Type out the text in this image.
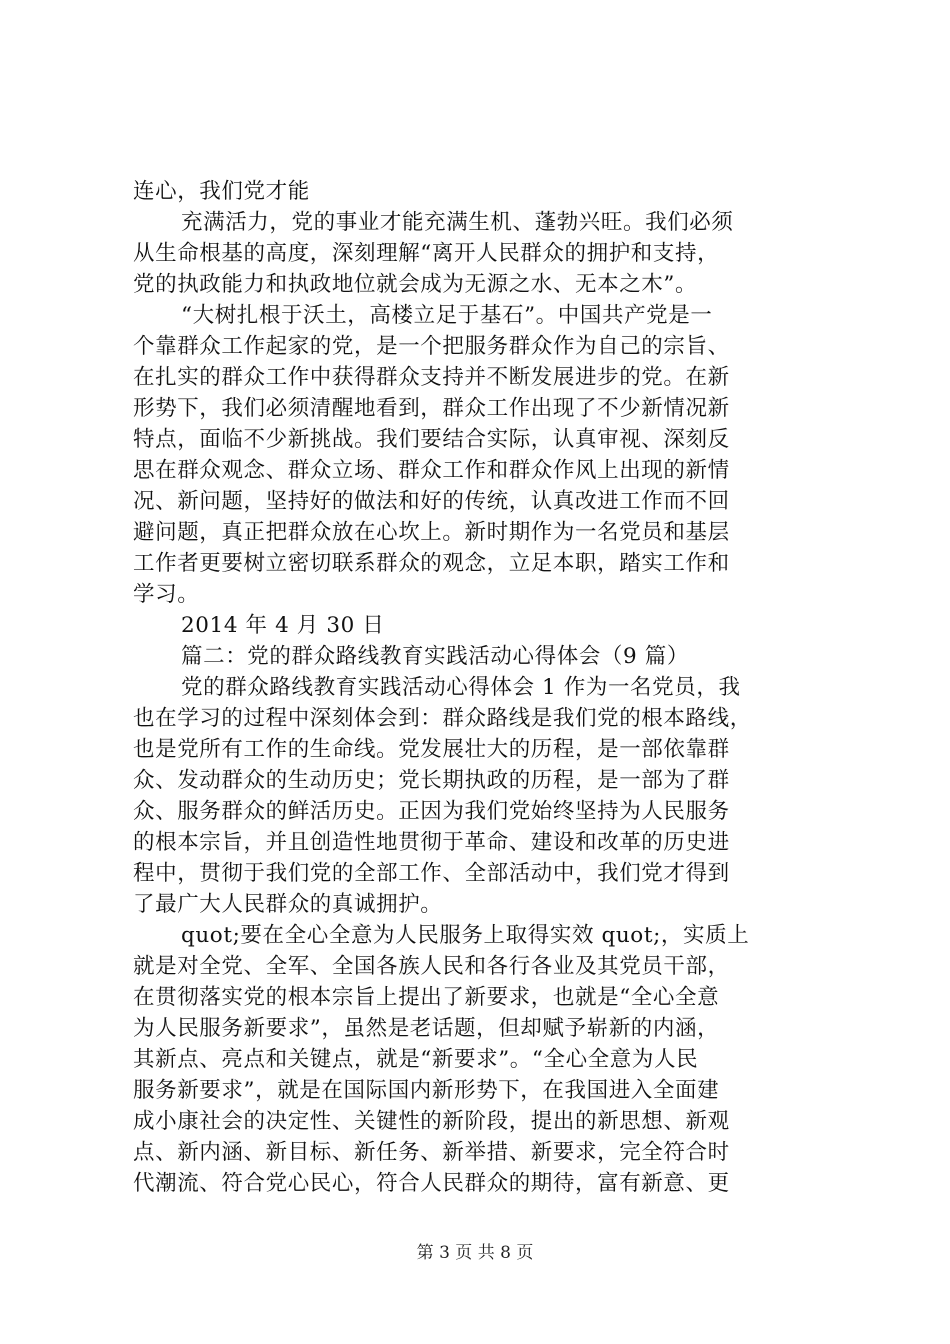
连心，我们党才能
充满活力，党的事业才能充满生机、蓬勃兴旺。我们必须
从生命根基的高度，深刻理解“离开人民群众的拥护和支持，
党的执政能力和执政地位就会成为无源之水、无本之木”。
“大树扎根于沃土，高楼立足于基石”。中国共产党是一
个靠群众工作起家的党，是一个把服务群众作为自己的宗旨、
在扎实的群众工作中获得群众支持并不断发展进步的党。在新
形势下，我们必须清醒地看到，群众工作出现了不少新情况新
特点，面临不少新挑战。我们要结合实际，认真审视、深刻反
思在群众观念、群众立场、群众工作和群众作风上出现的新情
况、新问题，坚持好的做法和好的传统，认真改进工作而不回
避问题，真正把群众放在心坎上。新时期作为一名党员和基层
工作者更要树立密切联系群众的观念，立足本职，踏实工作和
学习。
2014 年 4 月 30 日
篇二：党的群众路线教育实践活动心得体会（9 篇）
党的群众路线教育实践活动心得体会 1 作为一名党员，我
也在学习的过程中深刻体会到：群众路线是我们党的根本路线，
也是党所有工作的生命线。党发展壮大的历程，是一部依靠群
众、发动群众的生动历史；党长期执政的历程，是一部为了群
众、服务群众的鲜活历史。正因为我们党始终坚持为人民服务
的根本宗旨，并且创造性地贯彻于革命、建设和改革的历史进
程中，贯彻于我们党的全部工作、全部活动中，我们党才得到
了最广大人民群众的真诚拥护。
quot;要在全心全意为人民服务上取得实效 quot;，实质上
就是对全党、全军、全国各族人民和各行各业及其党员干部，
在贯彻落实党的根本宗旨上提出了新要求，也就是“全心全意
为人民服务新要求”，虽然是老话题，但却赋予崭新的内涵，
其新点、亮点和关键点，就是“新要求”。“全心全意为人民
服务新要求”，就是在国际国内新形势下，在我国进入全面建
成小康社会的决定性、关键性的新阶段，提出的新思想、新观
点、新内涵、新目标、新任务、新举措、新要求，完全符合时
代潮流、符合党心民心，符合人民群众的期待，富有新意、更
第 3 页 共 8 页
